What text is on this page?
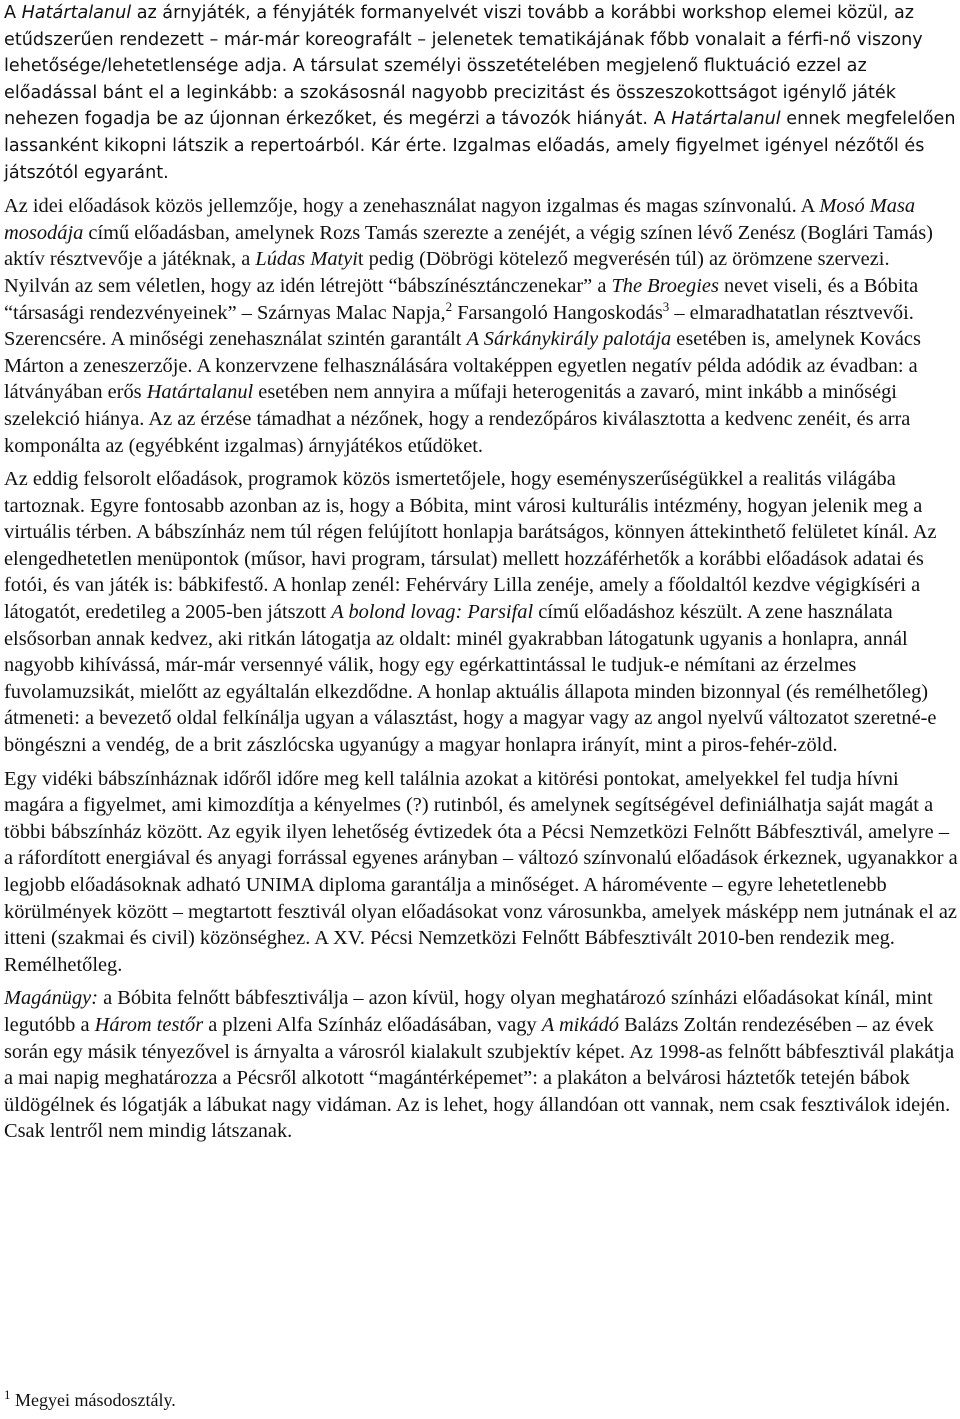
A Határtalanul az árnyjáték, a fényjáték formanyelvét viszi tovább a korábbi workshop elemei közül, az etűdszerűen rendezett – már-már koreografált – jelenetek tematikájának főbb vonalait a férfi-nő viszony lehetősége/lehetetlensége adja. A társulat személyi összetételében megjelenő fluktuáció ezzel az előadással bánt el a leginkább: a szokásosnál nagyobb precizitást és összeszokottságot igénylő játék nehezen fogadja be az újonnan érkezőket, és megérzi a távozók hiányát. A Határtalanul ennek megfelelően lassanként kikopni látszik a repertoárból. Kár érte. Izgalmas előadás, amely figyelmet igényel nézőtől és játszótól egyaránt.

Az idei előadások közös jellemzője, hogy a zenehasználat nagyon izgalmas és magas színvonalú. A Mosó Masa mosodája című előadásban, amelynek Rozs Tamás szerezte a zenéjét, a végig színen lévő Zenész (Boglári Tamás) aktív résztvevője a játéknak, a Lúdas Matyit pedig (Döbrögi kötelező megverésén túl) az örömzene szervezi. Nyilván az sem véletlen, hogy az idén létrejött “bábszínésztánczenekar” a The Broegies nevet viseli, és a Bóbita “társasági rendezvényeinek” – Szárnyas Malac Napja,$^2$ Farsangoló Hangoskodás$^3$ – elmaradhatatlan résztvevői. Szerencsére. A minőségi zenehasználat szintén garantált A Sárkánykirály palotája esetében is, amelynek Kovács Márton a zeneszerzője. A konzervzene felhasználására voltaképpen egyetlen negatív példa adódik az évadban: a látványában erős Határtalanul esetében nem annyira a műfaji heterogenitás a zavaró, mint inkább a minőségi szelekció hiánya. Az az érzése támadhat a nézőnek, hogy a rendezőpáros kiválasztotta a kedvenc zenéit, és arra komponálta az (egyébként izgalmas) árnyjátékos etűdöket.

Az eddig felsorolt előadások, programok közös ismertetőjele, hogy eseményszerűségükkel a realitás világába tartoznak. Egyre fontosabb azonban az is, hogy a Bóbita, mint városi kulturális intézmény, hogyan jelenik meg a virtuális térben. A bábszínház nem túl régen felújított honlapja barátságos, könnyen áttekinthető felületet kínál. Az elengedhetetlen menüpontok (műsor, havi program, társulat) mellett hozzáférhetők a korábbi előadások adatai és fotói, és van játék is: bábkifestő. A honlap zenél: Fehérváry Lilla zenéje, amely a főoldaltól kezdve végigkíséri a látogatót, eredetileg a 2005-ben játszott A bolond lovag: Parsifal című előadáshoz készült. A zene használata elsősorban annak kedvez, aki ritkán látogatja az oldalt: minél gyakrabban látogatunk ugyanis a honlapra, annál nagyobb kihívássá, már-már versennyé válik, hogy egy egérkattintással le tudjuk-e némítani az érzelmes fuvolamuzsikát, mielőtt az egyáltalán elkezdődne. A honlap aktuális állapota minden bizonnyal (és remélhetőleg) átmeneti: a bevezető oldal felkínálja ugyan a választást, hogy a magyar vagy az angol nyelvű változatot szeretné-e böngészni a vendég, de a brit zászlócska ugyanúgy a magyar honlapra irányít, mint a piros-fehér-zöld.

Egy vidéki bábszínháznak időről időre meg kell találnia azokat a kitörési pontokat, amelyekkel fel tudja hívni magára a figyelmet, ami kimozdítja a kényelmes (?) rutinból, és amelynek segítségével definiálhatja saját magát a többi bábszínház között. Az egyik ilyen lehetőség évtizedek óta a Pécsi Nemzetközi Felnőtt Bábfesztivál, amelyre – a ráfordított energiával és anyagi forrással egyenes arányban – változó színvonalú előadások érkeznek, ugyanakkor a legjobb előadásoknak adható UNIMA diploma garantálja a minőséget. A háromévente – egyre lehetetlenebb körülmények között – megtartott fesztivál olyan előadásokat vonz városunkba, amelyek másképp nem jutnának el az itteni (szakmai és civil) közönséghez. A XV. Pécsi Nemzetközi Felnőtt Bábfesztivált 2010-ben rendezik meg. Remélhetőleg.

Magánügy: a Bóbita felnőtt bábfesztiválja – azon kívül, hogy olyan meghatározó színházi előadásokat kínál, mint legutóbb a Három testőr a plzeni Alfa Színház előadásában, vagy A mikádó Balázs Zoltán rendezésében – az évek során egy másik tényezővel is árnyalta a városról kialakult szubjektív képet. Az 1998-as felnőtt bábfesztivál plakátja a mai napig meghatározza a Pécsről alkotott “magántérképemet”: a plakáton a belvárosi háztetők tetején bábok üldögélnek és lógatják a lábukat nagy vidáman. Az is lehet, hogy állandóan ott vannak, nem csak fesztiválok idején. Csak lentről nem mindig látszanak.

$^1$ Megyei másodosztály.
